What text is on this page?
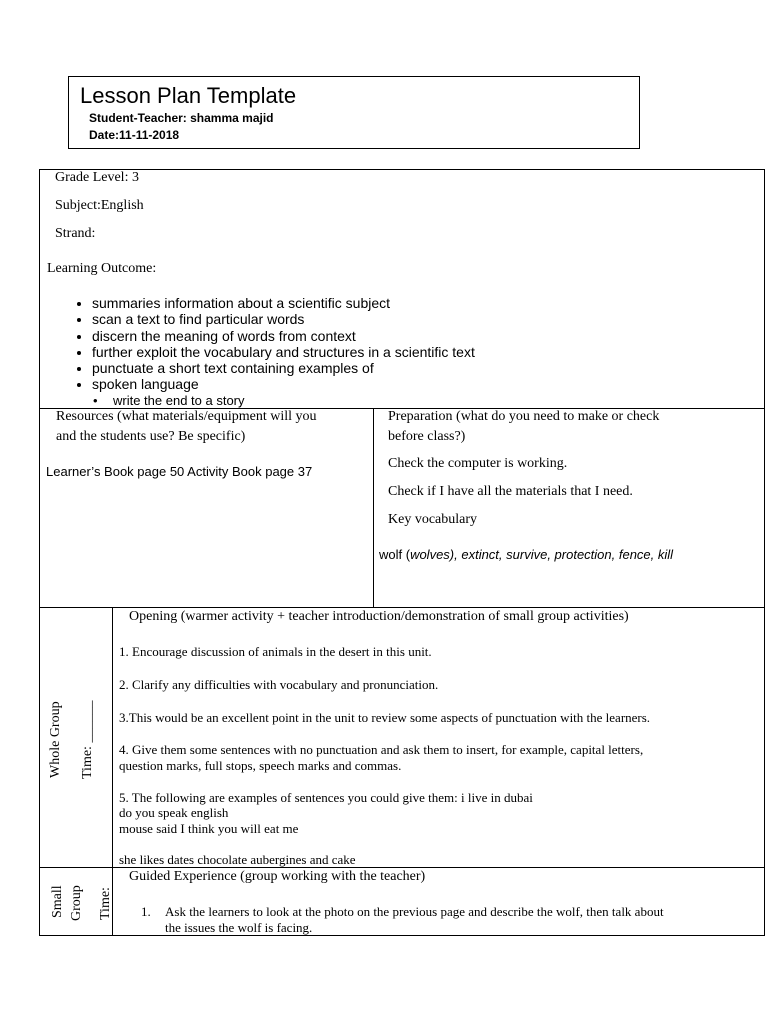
Lesson Plan Template
Student-Teacher: shamma majid
Date:11-11-2018
Grade Level: 3
Subject:English
Strand:
Learning Outcome:
• summaries information about a scientific subject
• scan a text to find particular words
• discern the meaning of words from context
• further exploit the vocabulary and structures in a scientific text
• punctuate a short text containing examples of
• spoken language
• write the end to a story
Resources (what materials/equipment will you
and the students use? Be specific)
Learner’s Book page 50 Activity Book page 37
Preparation (what do you need to make or check
before class?)
Check the computer is working.
Check if I have all the materials that I need.
Key vocabulary
wolf (wolves), extinct, survive, protection, fence, kill
Whole Group Time: ______
Opening (warmer activity + teacher introduction/demonstration of small group activities)
1. Encourage discussion of animals in the desert in this unit.
2. Clarify any difficulties with vocabulary and pronunciation.
3.This would be an excellent point in the unit to review some aspects of punctuation with the learners.
4. Give them some sentences with no punctuation and ask them to insert, for example, capital letters,
question marks, full stops, speech marks and commas.
5. The following are examples of sentences you could give them: i live in dubai
do you speak english
mouse said I think you will eat me
she likes dates chocolate aubergines and cake
Small Group Time:
Guided Experience (group working with the teacher)
1. Ask the learners to look at the photo on the previous page and describe the wolf, then talk about
the issues the wolf is facing.
